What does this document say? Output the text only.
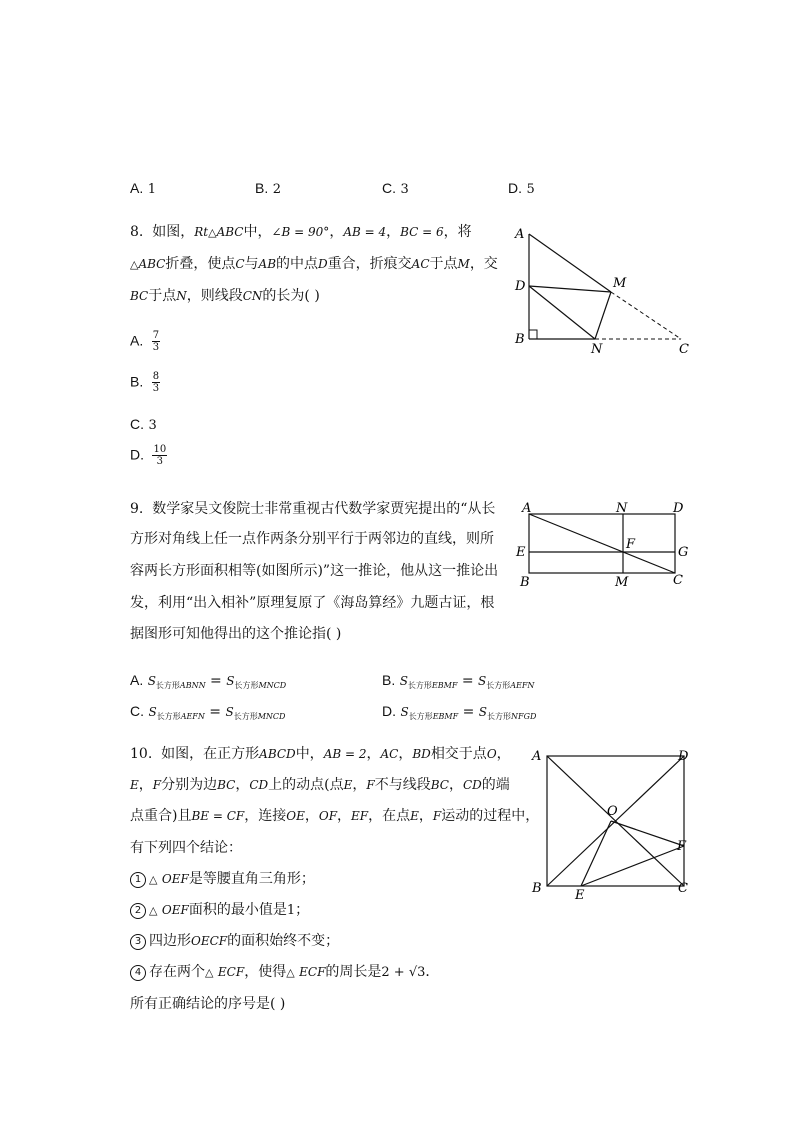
A. 1	B. 2	C. 3	D. 5
8. 如图，Rt△ABC中，∠B = 90°，AB = 4，BC = 6，将
△ABC折叠，使点C与AB的中点D重合，折痕交AC于点M，交
BC于点N，则线段CN的长为( )
A. $\frac{7}{3}$
B. $\frac{8}{3}$
C. 3
D. $\frac{10}{3}$
A
D
B
M
N	C
9. 数学家吴文俊院士非常重视古代数学家贾宪提出的“从长
方形对角线上任一点作两条分别平行于两邻边的直线，则所
容两长方形面积相等(如图所示)”这一推论，他从这一推论出
发，利用“出入相补”原理复原了《海岛算经》九题古证，根
据图形可知他得出的这个推论指( )
A. $S_{长方形ABNN} = S_{长方形MNCD}$	B. $S_{长方形EBMF} = S_{长方形AEFN}$
C. $S_{长方形AEFN} = S_{长方形MNCD}$	D. $S_{长方形EBMF} = S_{长方形NFGD}$
A	N	D
E
F
G
B	M	C
10. 如图，在正方形ABCD中，AB = 2，AC，BD相交于点O，
E，F分别为边BC，CD上的动点(点E，F不与线段BC，CD的端
点重合)且BE = CF，连接OE，OF，EF，在点E，F运动的过程中，
有下列四个结论：
1 △ OEF是等腰直角三角形；
2 △ OEF面积的最小值是1；
3 四边形OECF的面积始终不变；
4 存在两个△ ECF，使得△ ECF的周长是2 + √3．
所有正确结论的序号是( )
A	D
O
F
B	E	C
